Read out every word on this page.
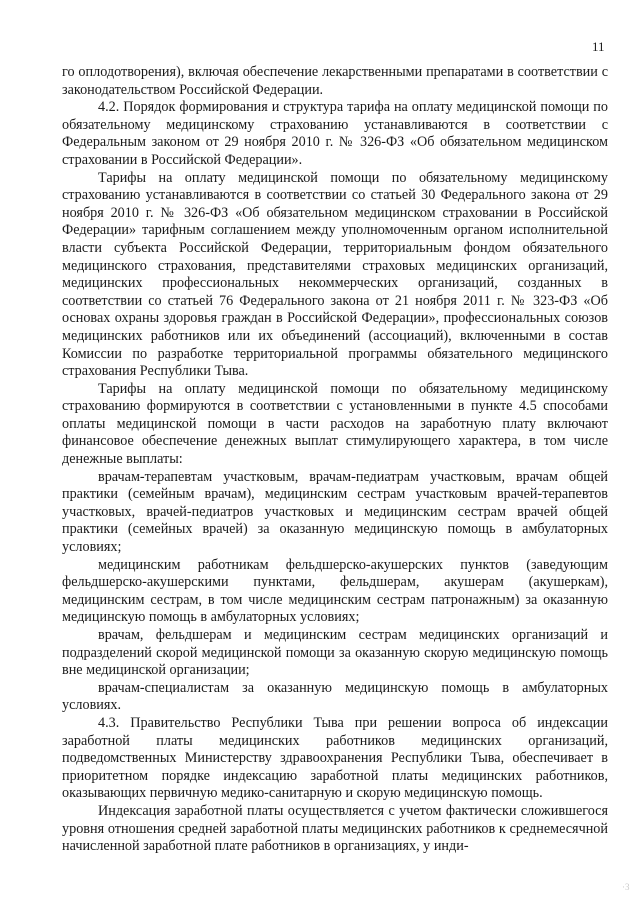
11

го оплодотворения), включая обеспечение лекарственными препаратами в соответствии с законодательством Российской Федерации.

4.2. Порядок формирования и структура тарифа на оплату медицинской помощи по обязательному медицинскому страхованию устанавливаются в соответствии с Федеральным законом от 29 ноября 2010 г. № 326-ФЗ «Об обязательном медицинском страховании в Российской Федерации».

Тарифы на оплату медицинской помощи по обязательному медицинскому страхованию устанавливаются в соответствии со статьей 30 Федерального закона от 29 ноября 2010 г. № 326-ФЗ «Об обязательном медицинском страховании в Российской Федерации» тарифным соглашением между уполномоченным органом исполнительной власти субъекта Российской Федерации, территориальным фондом обязательного медицинского страхования, представителями страховых медицинских организаций, медицинских профессиональных некоммерческих организаций, созданных в соответствии со статьей 76 Федерального закона от 21 ноября 2011 г. № 323-ФЗ «Об основах охраны здоровья граждан в Российской Федерации», профессиональных союзов медицинских работников или их объединений (ассоциаций), включенными в состав Комиссии по разработке территориальной программы обязательного медицинского страхования Республики Тыва.

Тарифы на оплату медицинской помощи по обязательному медицинскому страхованию формируются в соответствии с установленными в пункте 4.5 способами оплаты медицинской помощи в части расходов на заработную плату включают финансовое обеспечение денежных выплат стимулирующего характера, в том числе денежные выплаты:

врачам-терапевтам участковым, врачам-педиатрам участковым, врачам общей практики (семейным врачам), медицинским сестрам участковым врачей-терапевтов участковых, врачей-педиатров участковых и медицинским сестрам врачей общей практики (семейных врачей) за оказанную медицинскую помощь в амбулаторных условиях;

медицинским работникам фельдшерско-акушерских пунктов (заведующим фельдшерско-акушерскими пунктами, фельдшерам, акушерам (акушеркам), медицинским сестрам, в том числе медицинским сестрам патронажным) за оказанную медицинскую помощь в амбулаторных условиях;

врачам, фельдшерам и медицинским сестрам медицинских организаций и подразделений скорой медицинской помощи за оказанную скорую медицинскую помощь вне медицинской организации;

врачам-специалистам за оказанную медицинскую помощь в амбулаторных условиях.

4.3. Правительство Республики Тыва при решении вопроса об индексации заработной платы медицинских работников медицинских организаций, подведомственных Министерству здравоохранения Республики Тыва, обеспечивает в приоритетном порядке индексацию заработной платы медицинских работников, оказывающих первичную медико-санитарную и скорую медицинскую помощь.

Индексация заработной платы осуществляется с учетом фактически сложившегося уровня отношения средней заработной платы медицинских работников к среднемесячной начисленной заработной плате работников в организациях, у инди-

·3
